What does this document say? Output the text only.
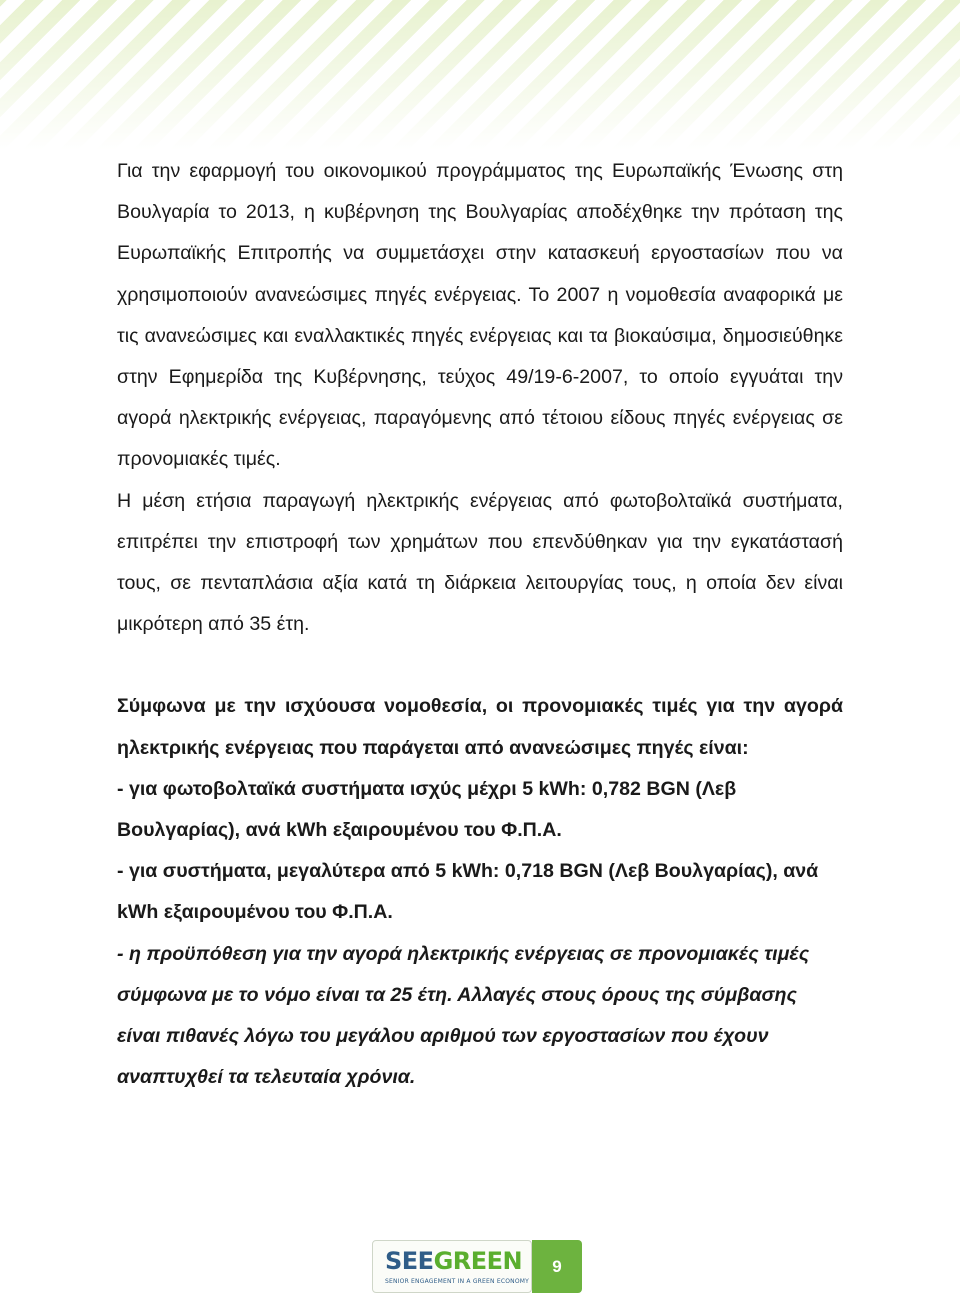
Για την εφαρμογή του οικονομικού προγράμματος της Ευρωπαϊκής Ένωσης στη Βουλγαρία το 2013, η κυβέρνηση της Βουλγαρίας αποδέχθηκε την πρόταση της Ευρωπαϊκής Επιτροπής να συμμετάσχει στην κατασκευή εργοστασίων που να χρησιμοποιούν ανανεώσιμες πηγές ενέργειας. Το 2007 η νομοθεσία αναφορικά με τις ανανεώσιμες και εναλλακτικές πηγές ενέργειας και τα βιοκαύσιμα, δημοσιεύθηκε στην Εφημερίδα της Κυβέρνησης, τεύχος 49/19-6-2007, το οποίο εγγυάται την αγορά ηλεκτρικής ενέργειας, παραγόμενης από τέτοιου είδους πηγές ενέργειας σε προνομιακές τιμές.

Η μέση ετήσια παραγωγή ηλεκτρικής ενέργειας από φωτοβολταϊκά συστήματα, επιτρέπει την επιστροφή των χρημάτων που επενδύθηκαν για την εγκατάστασή τους, σε πενταπλάσια αξία κατά τη διάρκεια λειτουργίας τους, η οποία δεν είναι μικρότερη από 35 έτη.

Σύμφωνα με την ισχύουσα νομοθεσία, οι προνομιακές τιμές για την αγορά ηλεκτρικής ενέργειας που παράγεται από ανανεώσιμες πηγές είναι:

- για φωτοβολταϊκά συστήματα ισχύς μέχρι 5 kWh: 0,782 BGN (Λεβ Βουλγαρίας), ανά kWh εξαιρουμένου του Φ.Π.Α.

- για συστήματα, μεγαλύτερα από 5 kWh: 0,718 BGN (Λεβ Βουλγαρίας), ανά kWh εξαιρουμένου του Φ.Π.Α.

- η προϋπόθεση για την αγορά ηλεκτρικής ενέργειας σε προνομιακές τιμές σύμφωνα με το νόμο είναι τα 25 έτη. Αλλαγές στους όρους της σύμβασης είναι πιθανές λόγω του μεγάλου αριθμού των εργοστασίων που έχουν αναπτυχθεί τα τελευταία χρόνια.

SEEGREEN
SENIOR ENGAGEMENT IN A GREEN ECONOMY
9
